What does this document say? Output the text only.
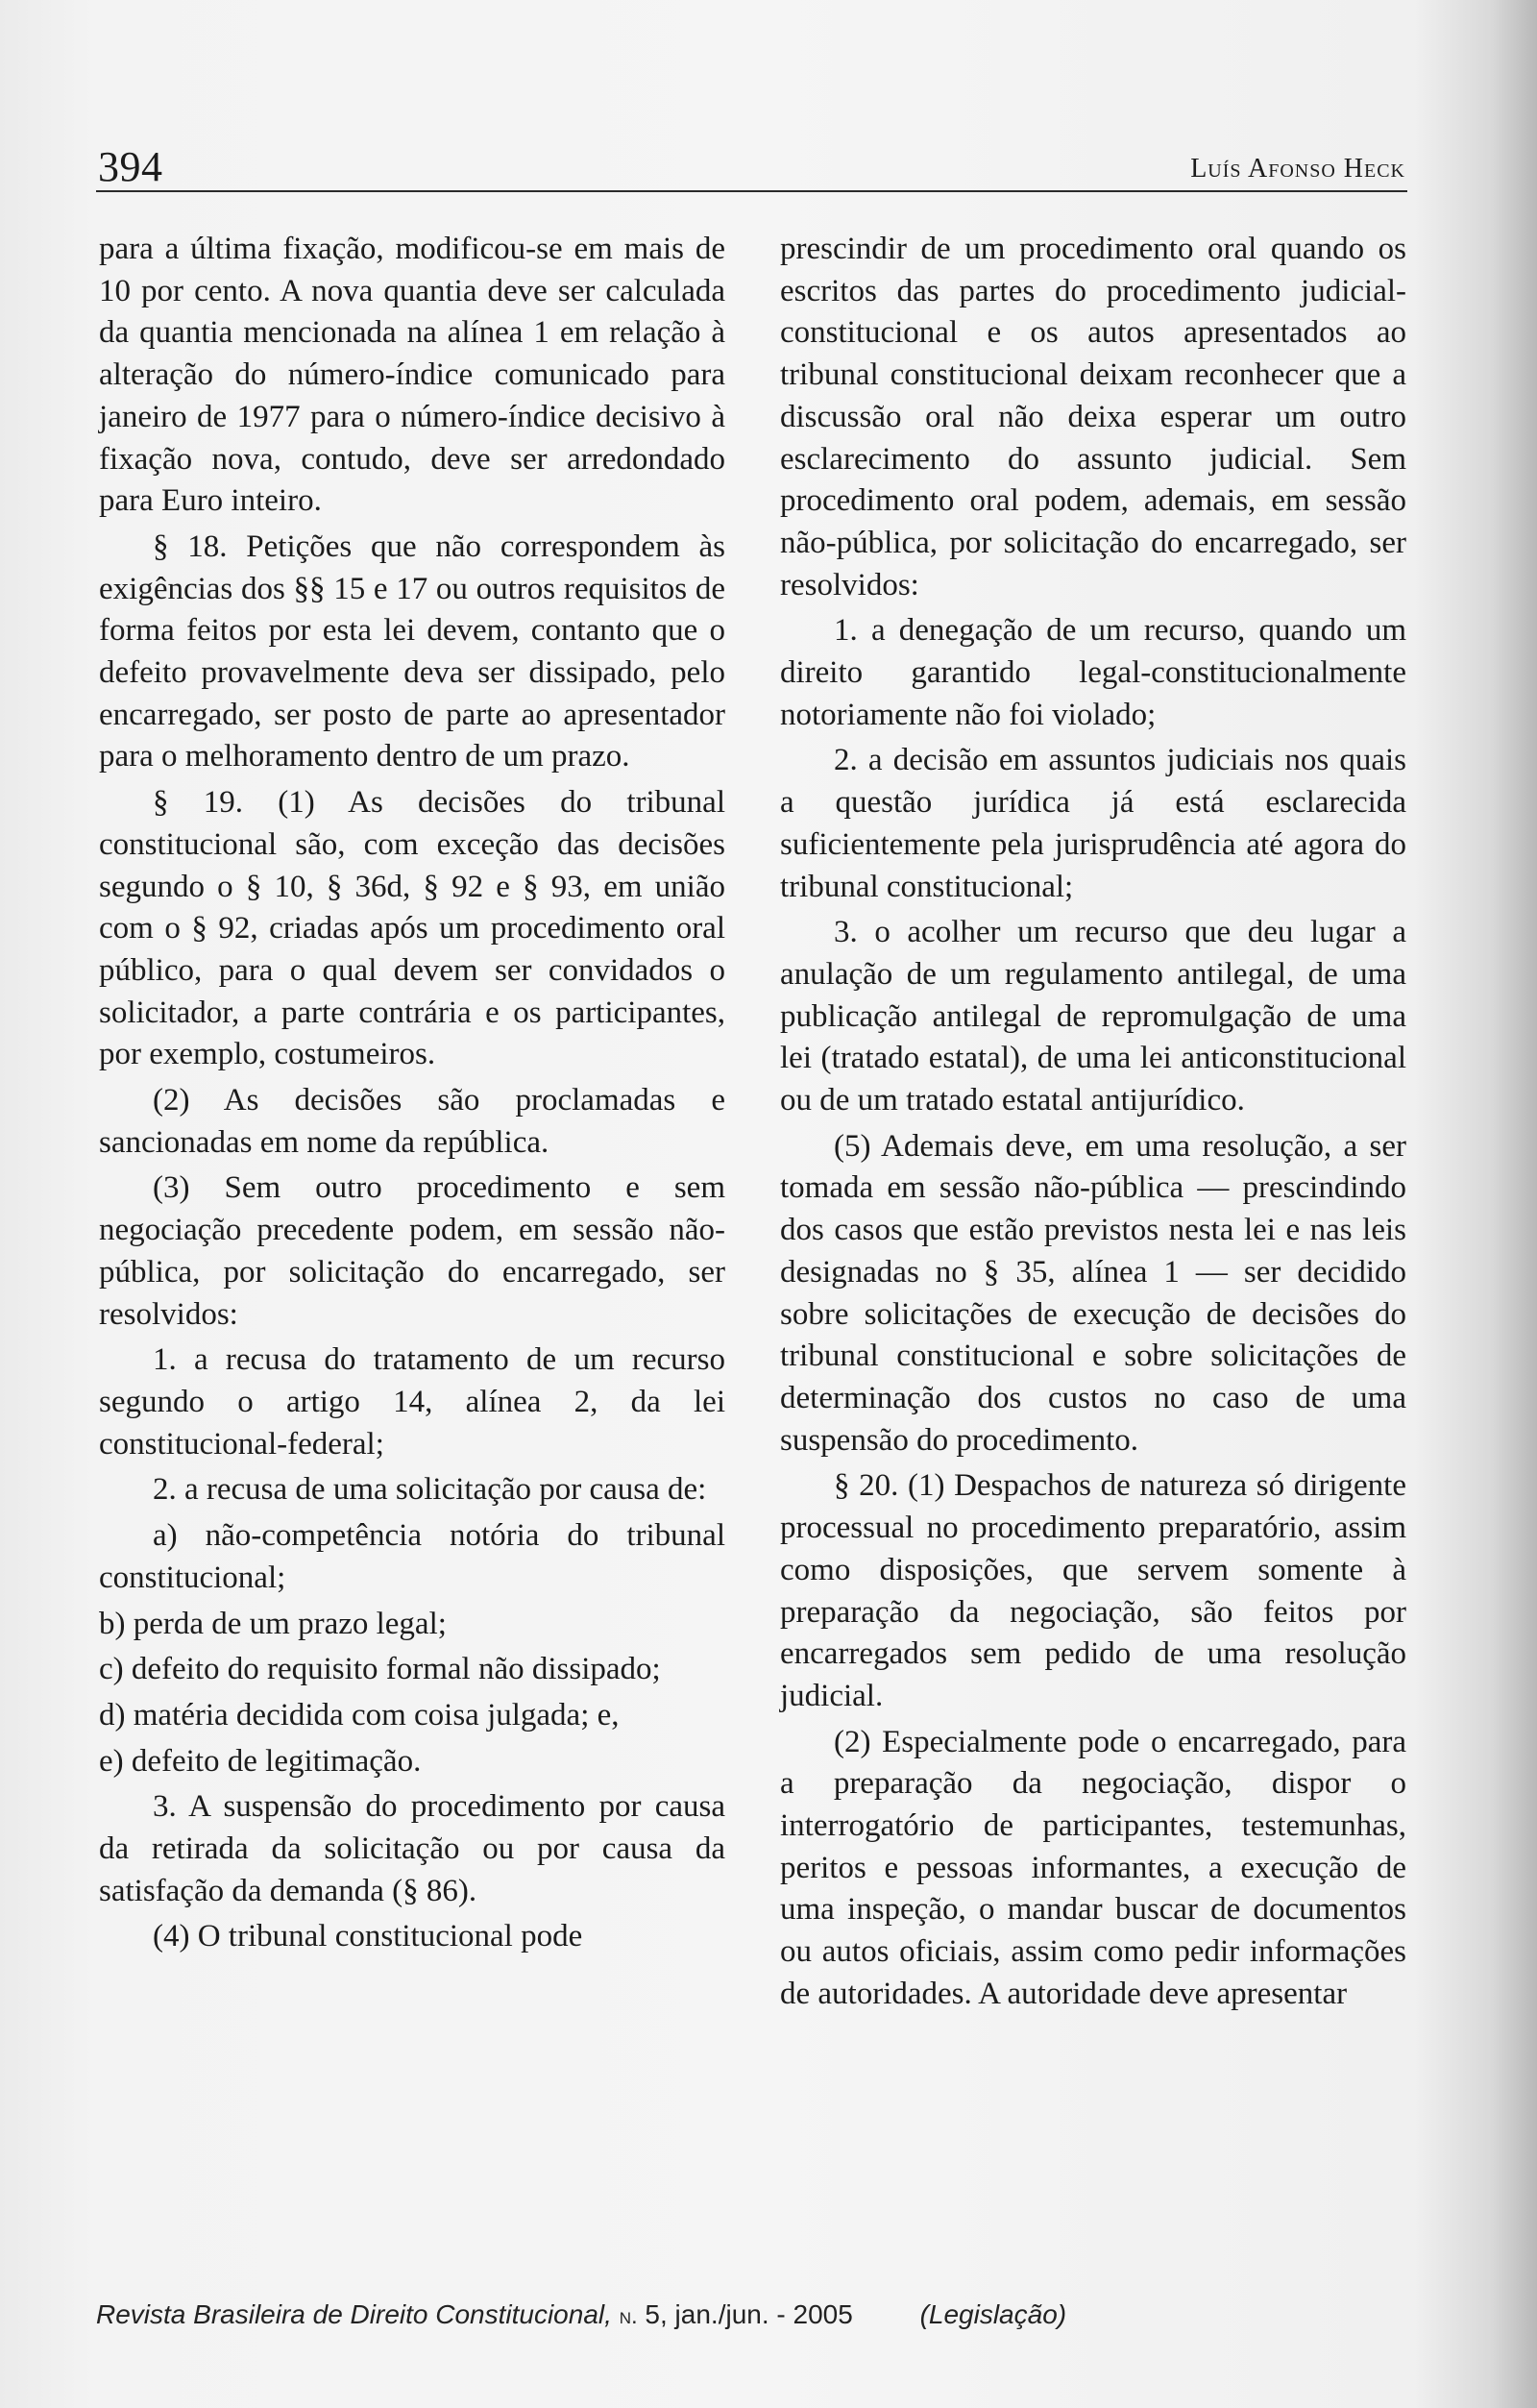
394	Luís Afonso Heck

para a última fixação, modificou-se em mais de 10 por cento. A nova quantia deve ser calculada da quantia mencionada na alínea 1 em relação à alteração do número-índice comunicado para janeiro de 1977 para o número-índice decisivo à fixação nova, contudo, deve ser arredondado para Euro inteiro.

§ 18. Petições que não correspondem às exigências dos §§ 15 e 17 ou outros requisitos de forma feitos por esta lei devem, contanto que o defeito provavelmente deva ser dissipado, pelo encarregado, ser posto de parte ao apresentador para o melhoramento dentro de um prazo.

§ 19. (1) As decisões do tribunal constitucional são, com exceção das decisões segundo o § 10, § 36d, § 92 e § 93, em união com o § 92, criadas após um procedimento oral público, para o qual devem ser convidados o solicitador, a parte contrária e os participantes, por exemplo, costumeiros.

(2) As decisões são proclamadas e sancionadas em nome da república.

(3) Sem outro procedimento e sem negociação precedente podem, em sessão não-pública, por solicitação do encarregado, ser resolvidos:

1. a recusa do tratamento de um recurso segundo o artigo 14, alínea 2, da lei constitucional-federal;

2. a recusa de uma solicitação por causa de:

a) não-competência notória do tribunal constitucional;

b) perda de um prazo legal;

c) defeito do requisito formal não dissipado;

d) matéria decidida com coisa julgada; e,

e) defeito de legitimação.

3. A suspensão do procedimento por causa da retirada da solicitação ou por causa da satisfação da demanda (§ 86).

(4) O tribunal constitucional pode

prescindir de um procedimento oral quando os escritos das partes do procedimento judicial-constitucional e os autos apresentados ao tribunal constitucional deixam reconhecer que a discussão oral não deixa esperar um outro esclarecimento do assunto judicial. Sem procedimento oral podem, ademais, em sessão não-pública, por solicitação do encarregado, ser resolvidos:

1. a denegação de um recurso, quando um direito garantido legal-constitucionalmente notoriamente não foi violado;

2. a decisão em assuntos judiciais nos quais a questão jurídica já está esclarecida suficientemente pela jurisprudência até agora do tribunal constitucional;

3. o acolher um recurso que deu lugar a anulação de um regulamento antilegal, de uma publicação antilegal de repromulgação de uma lei (tratado estatal), de uma lei anticonstitucional ou de um tratado estatal antijurídico.

(5) Ademais deve, em uma resolução, a ser tomada em sessão não-pública — prescindindo dos casos que estão previstos nesta lei e nas leis designadas no § 35, alínea 1 — ser decidido sobre solicitações de execução de decisões do tribunal constitucional e sobre solicitações de determinação dos custos no caso de uma suspensão do procedimento.

§ 20. (1) Despachos de natureza só dirigente processual no procedimento preparatório, assim como disposições, que servem somente à preparação da negociação, são feitos por encarregados sem pedido de uma resolução judicial.

(2) Especialmente pode o encarregado, para a preparação da negociação, dispor o interrogatório de participantes, testemunhas, peritos e pessoas informantes, a execução de uma inspeção, o mandar buscar de documentos ou autos oficiais, assim como pedir informações de autoridades. A autoridade deve apresentar

Revista Brasileira de Direito Constitucional, n. 5, jan./jun. - 2005 (Legislação)
